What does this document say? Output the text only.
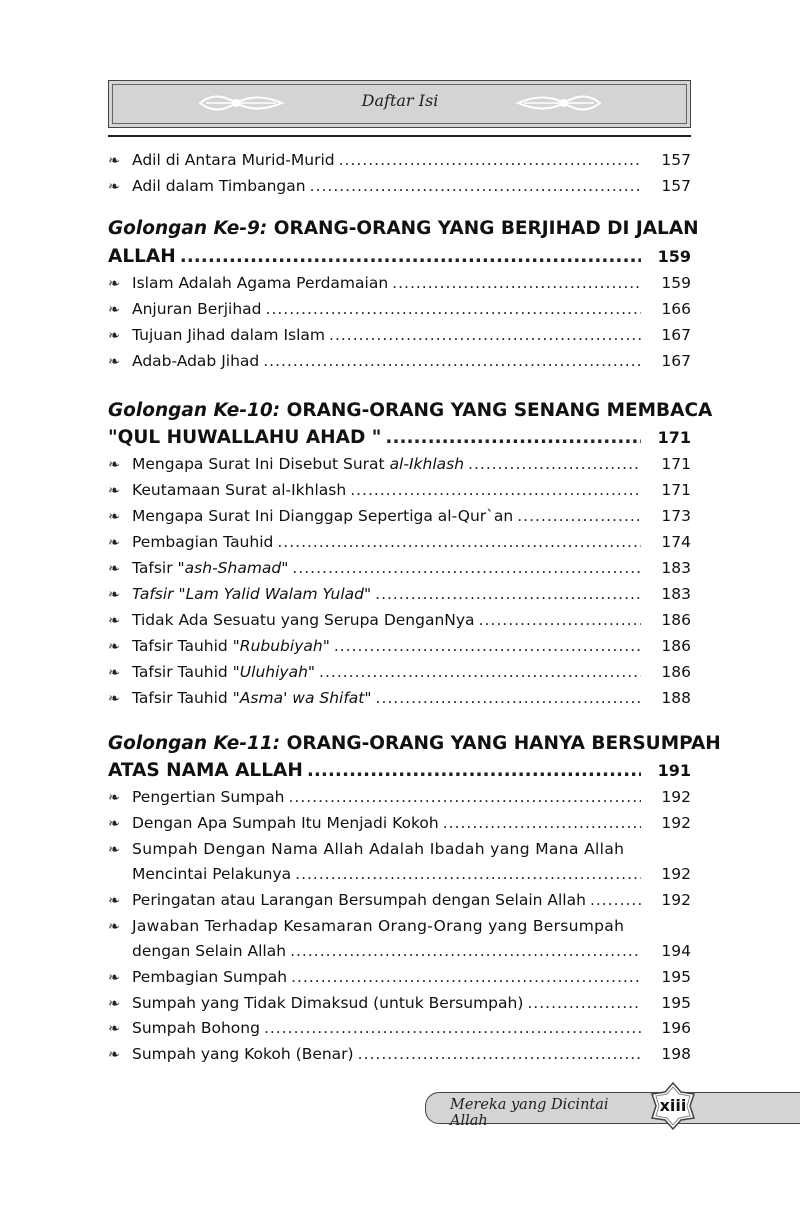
Daftar Isi
❧ Adil di Antara Murid-Murid .....	157
❧ Adil dalam Timbangan .....	157
Golongan Ke-9: ORANG-ORANG YANG BERJIHAD DI JALAN
ALLAH .....	159
❧ Islam Adalah Agama Perdamaian .....	159
❧ Anjuran Berjihad .....	166
❧ Tujuan Jihad dalam Islam .....	167
❧ Adab-Adab Jihad .....	167
Golongan Ke-10: ORANG-ORANG YANG SENANG MEMBACA
"QUL HUWALLAHU AHAD " .....	171
❧ Mengapa Surat Ini Disebut Surat al-Ikhlash .....	171
❧ Keutamaan Surat al-Ikhlash .....	171
❧ Mengapa Surat Ini Dianggap Sepertiga al-Qur`an .....	173
❧ Pembagian Tauhid .....	174
❧ Tafsir "ash-Shamad" .....	183
❧ Tafsir "Lam Yalid Walam Yulad" .....	183
❧ Tidak Ada Sesuatu yang Serupa DenganNya .....	186
❧ Tafsir Tauhid "Rububiyah" .....	186
❧ Tafsir Tauhid "Uluhiyah" .....	186
❧ Tafsir Tauhid "Asma' wa Shifat" .....	188
Golongan Ke-11: ORANG-ORANG YANG HANYA BERSUMPAH
ATAS NAMA ALLAH .....	191
❧ Pengertian Sumpah .....	192
❧ Dengan Apa Sumpah Itu Menjadi Kokoh .....	192
❧ Sumpah Dengan Nama Allah Adalah Ibadah yang Mana Allah
Mencintai Pelakunya .....	192
❧ Peringatan atau Larangan Bersumpah dengan Selain Allah .....	192
❧ Jawaban Terhadap Kesamaran Orang-Orang yang Bersumpah
dengan Selain Allah .....	194
❧ Pembagian Sumpah .....	195
❧ Sumpah yang Tidak Dimaksud (untuk Bersumpah) .....	195
❧ Sumpah Bohong .....	196
❧ Sumpah yang Kokoh (Benar) .....	198
Mereka yang Dicintai Allah
xiii
